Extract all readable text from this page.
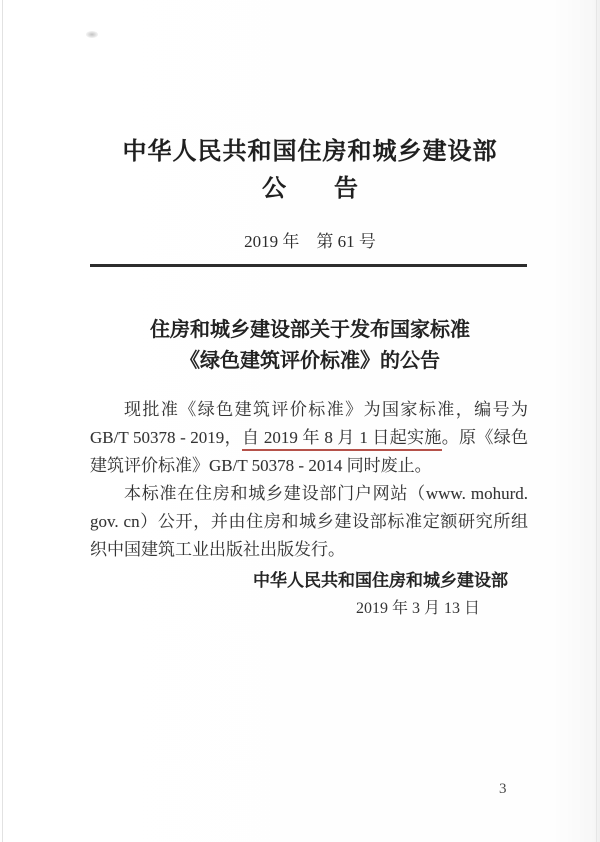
中华人民共和国住房和城乡建设部
公　　告
2019 年　第 61 号
住房和城乡建设部关于发布国家标准
《绿色建筑评价标准》的公告

现批准《绿色建筑评价标准》为国家标准，编号为 GB/T 50378 - 2019，自 2019 年 8 月 1 日起实施。原《绿色建筑评价标准》GB/T 50378 - 2014 同时废止。

本标准在住房和城乡建设部门户网站（www. mohurd. gov. cn）公开，并由住房和城乡建设部标准定额研究所组织中国建筑工业出版社出版发行。

中华人民共和国住房和城乡建设部
2019 年 3 月 13 日
3
